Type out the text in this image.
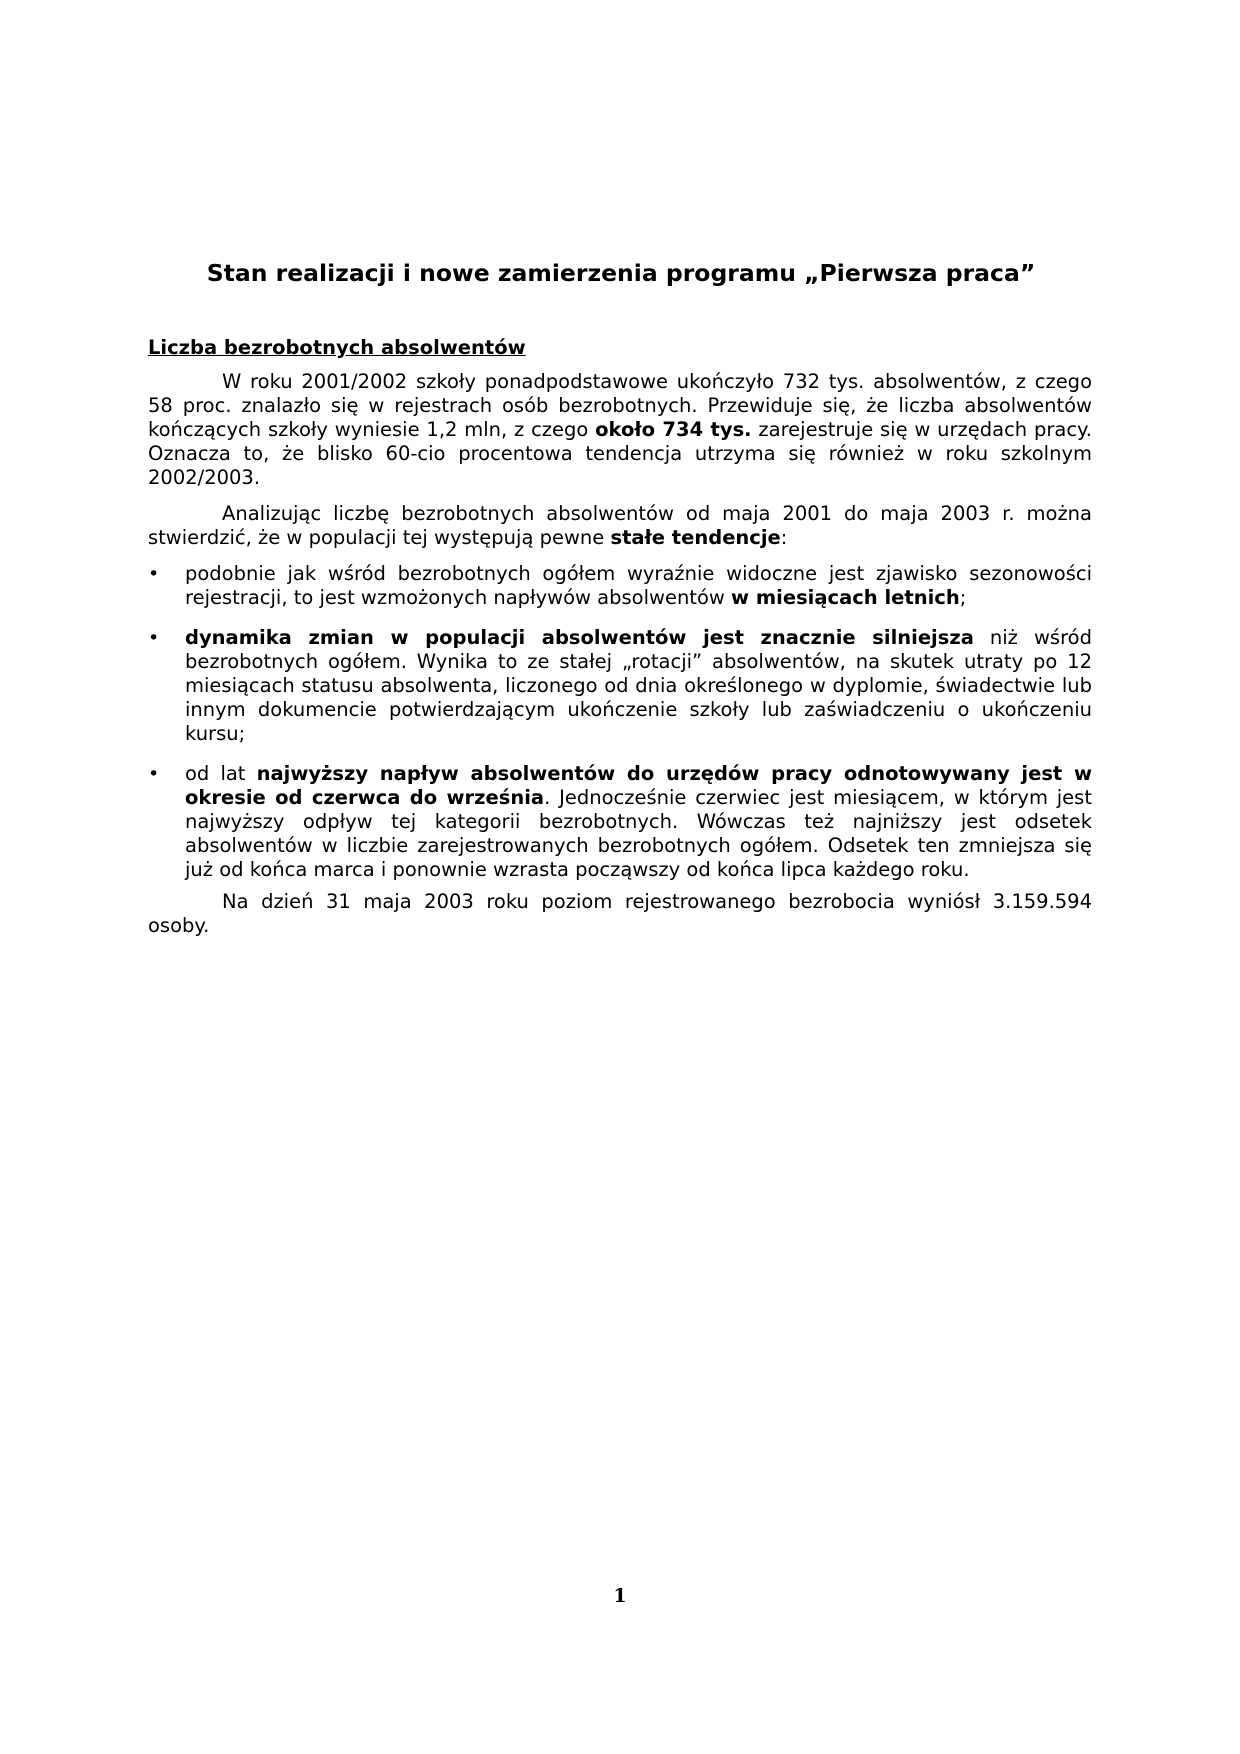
Stan realizacji i nowe zamierzenia programu „Pierwsza praca”
Liczba bezrobotnych absolwentów

W roku 2001/2002 szkoły ponadpodstawowe ukończyło 732 tys. absolwentów, z czego 58 proc. znalazło się w rejestrach osób bezrobotnych. Przewiduje się, że liczba absolwentów kończących szkoły wyniesie 1,2 mln, z czego około 734 tys. zarejestruje się w urzędach pracy. Oznacza to, że blisko 60-cio procentowa tendencja utrzyma się również w roku szkolnym 2002/2003.

Analizując liczbę bezrobotnych absolwentów od maja 2001 do maja 2003 r. można stwierdzić, że w populacji tej występują pewne stałe tendencje:

•	podobnie jak wśród bezrobotnych ogółem wyraźnie widoczne jest zjawisko sezonowości rejestracji, to jest wzmożonych napływów absolwentów w miesiącach letnich;
•	dynamika zmian w populacji absolwentów jest znacznie silniejsza niż wśród bezrobotnych ogółem. Wynika to ze stałej „rotacji” absolwentów, na skutek utraty po 12 miesiącach statusu absolwenta, liczonego od dnia określonego w dyplomie, świadectwie lub innym dokumencie potwierdzającym ukończenie szkoły lub zaświadczeniu o ukończeniu kursu;
•	od lat najwyższy napływ absolwentów do urzędów pracy odnotowywany jest w okresie od czerwca do września. Jednocześnie czerwiec jest miesiącem, w którym jest najwyższy odpływ tej kategorii bezrobotnych. Wówczas też najniższy jest odsetek absolwentów w liczbie zarejestrowanych bezrobotnych ogółem. Odsetek ten zmniejsza się już od końca marca i ponownie wzrasta począwszy od końca lipca każdego roku.

Na dzień 31 maja 2003 roku poziom rejestrowanego bezrobocia wyniósł 3.159.594 osoby.

1
